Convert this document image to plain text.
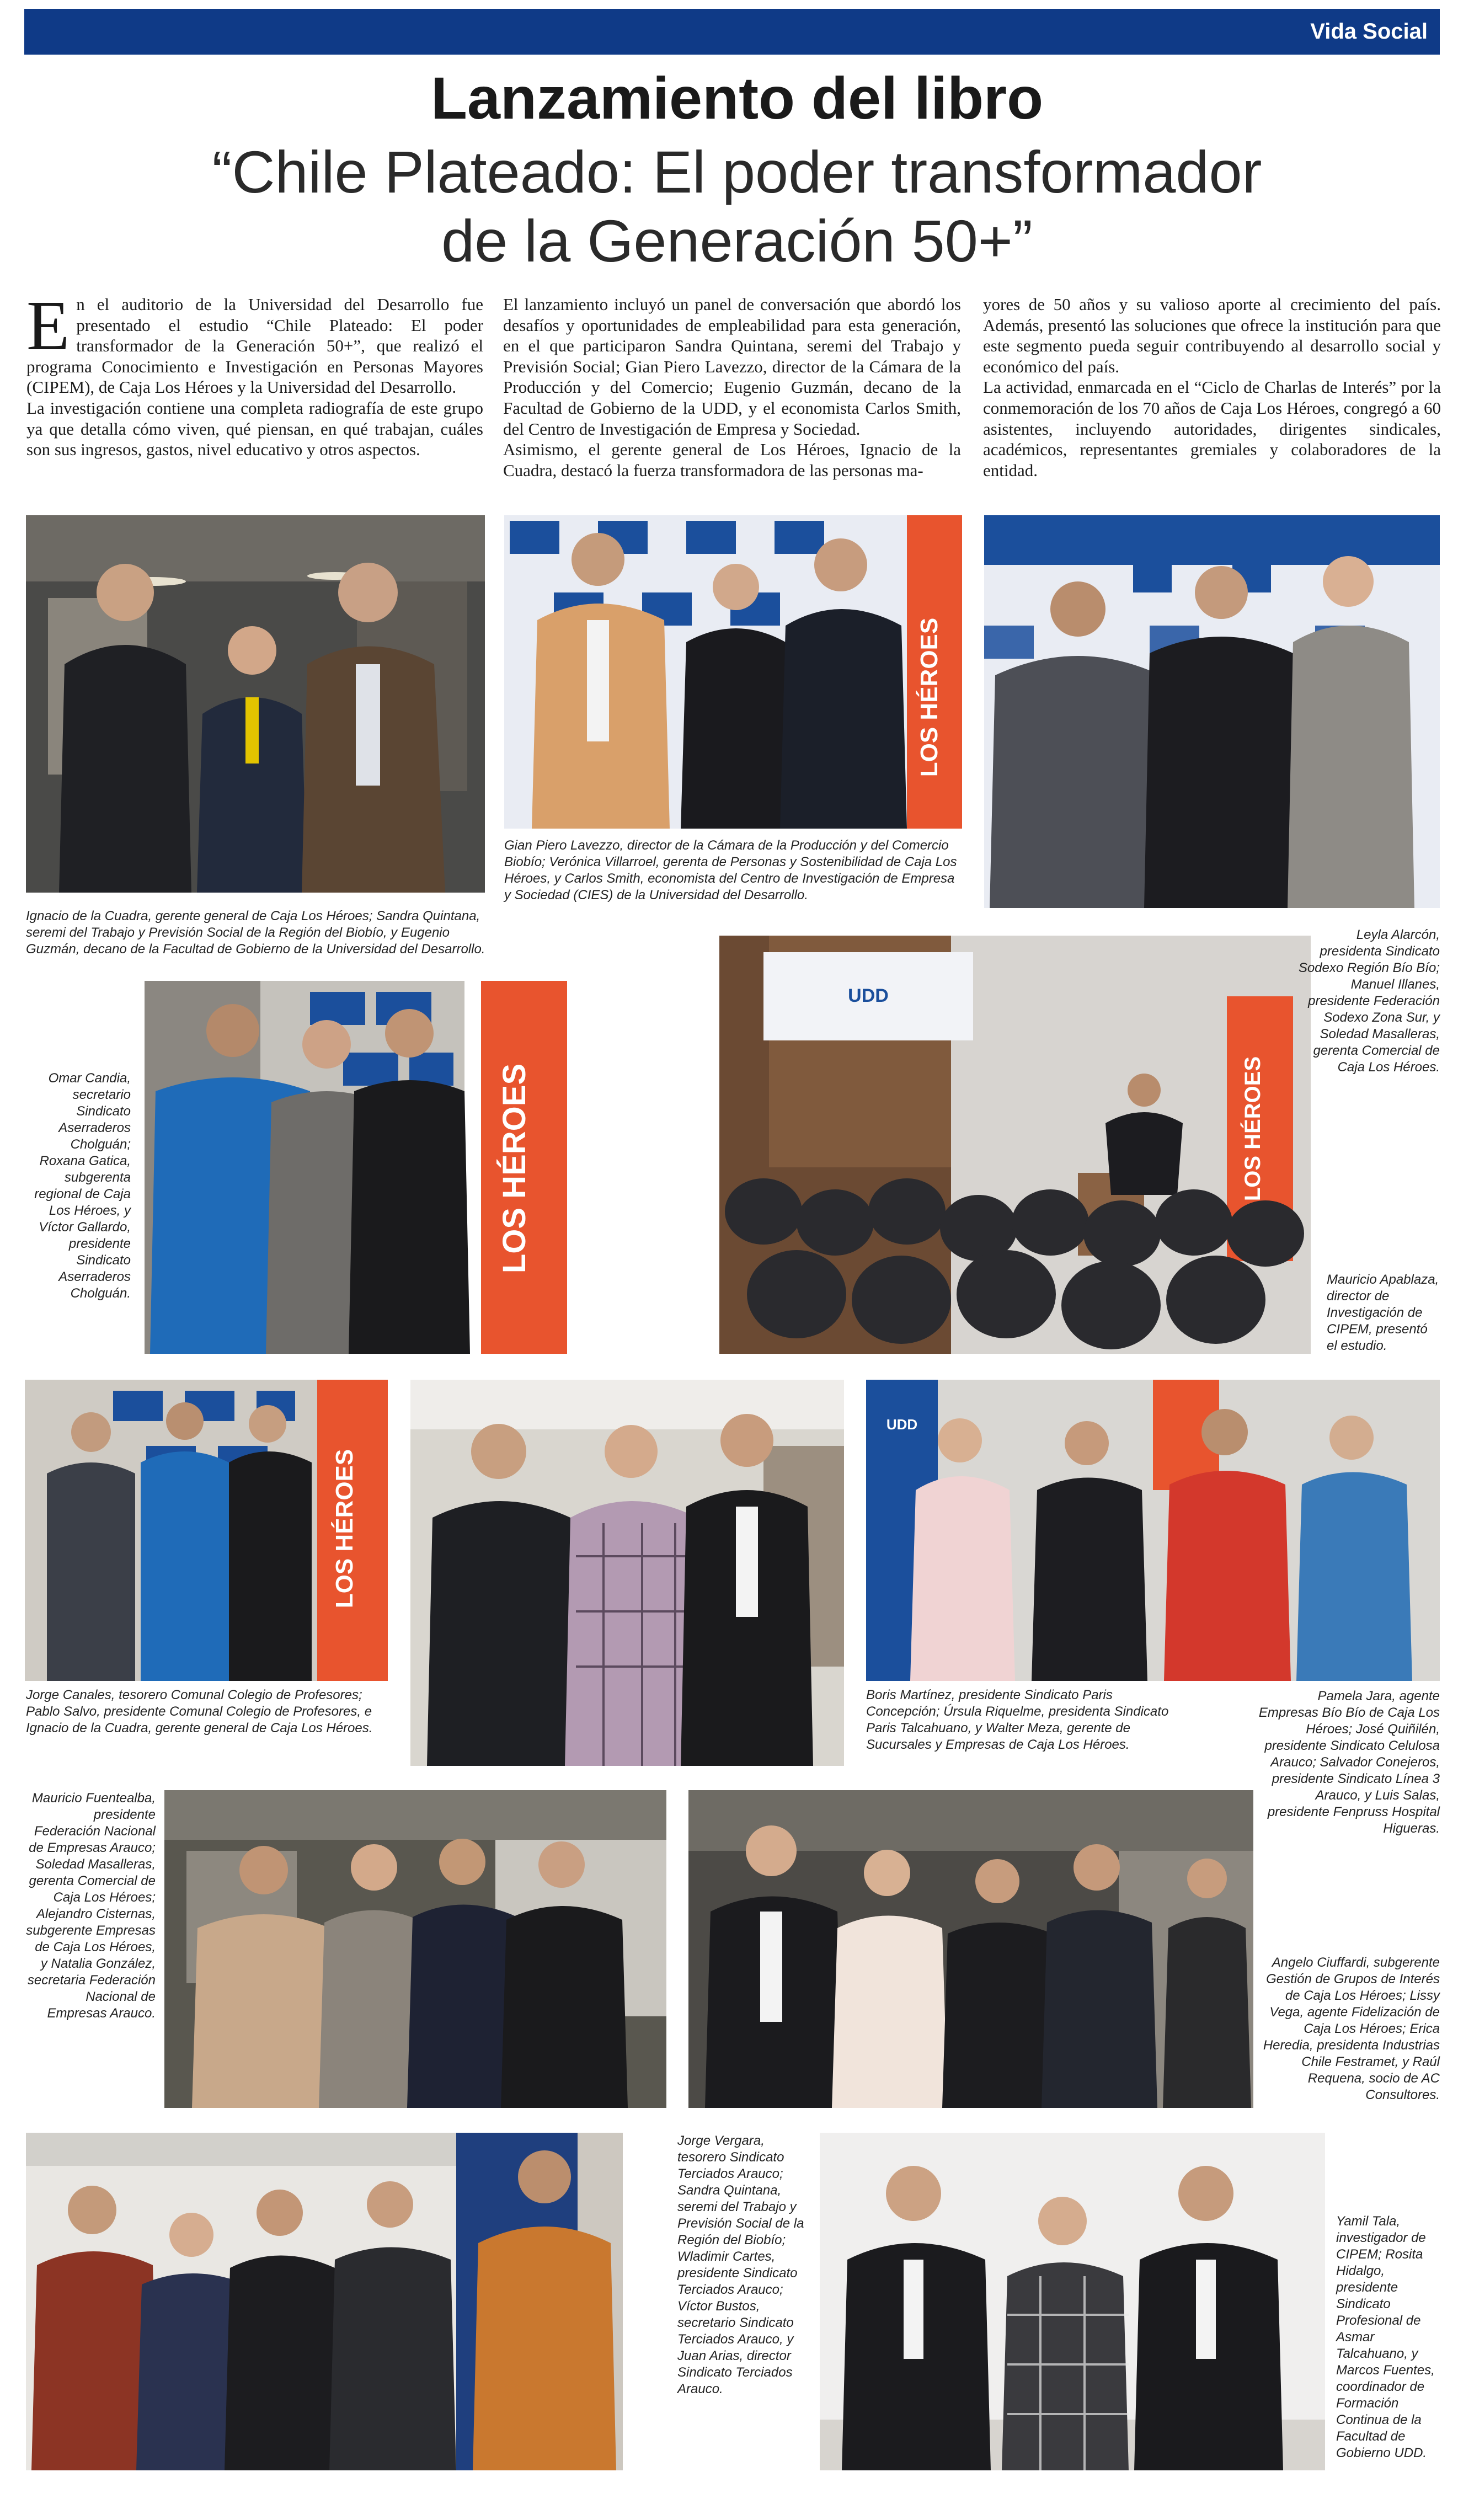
Vida Social
Lanzamiento del libro
“Chile Plateado: El poder transformador
de la Generación 50+”

En el auditorio de la Universidad del Desarrollo fue presentado el estudio “Chile Plateado: El poder transformador de la Generación 50+”, que realizó el programa Conocimiento e Investigación en Personas Mayores (CIPEM), de Caja Los Héroes y la Universidad del Desarrollo.

La investigación contiene una completa radiografía de este grupo ya que detalla cómo viven, qué piensan, en qué trabajan, cuáles son sus ingresos, gastos, nivel educativo y otros aspectos.

El lanzamiento incluyó un panel de conversación que abordó los desafíos y oportunidades de empleabilidad para esta generación, en el que participaron Sandra Quintana, seremi del Trabajo y Previsión Social; Gian Piero Lavezzo, director de la Cámara de la Producción y del Comercio; Eugenio Guzmán, decano de la Facultad de Gobierno de la UDD, y el economista Carlos Smith, del Centro de Investigación de Empresa y Sociedad.

Asimismo, el gerente general de Los Héroes, Ignacio de la Cuadra, destacó la fuerza transformadora de las personas ma-

yores de 50 años y su valioso aporte al crecimiento del país. Además, presentó las soluciones que ofrece la institución para que este segmento pueda seguir contribuyendo al desarrollo social y económico del país.

La actividad, enmarcada en el “Ciclo de Charlas de Interés” por la conmemoración de los 70 años de Caja Los Héroes, congregó a 60 asistentes, incluyendo autoridades, dirigentes sindicales, académicos, representantes gremiales y colaboradores de la entidad.

LOS HÉROES
LOS HÉROES
UDD
LOS HÉROES
LOS HÉROES
UDD

Ignacio de la Cuadra, gerente general de Caja Los Héroes; Sandra Quintana, seremi del Trabajo y Previsión Social de la Región del Biobío, y Eugenio Guzmán, decano de la Facultad de Gobierno de la Universidad del Desarrollo.

Gian Piero Lavezzo, director de la Cámara de la Producción y del Comercio Biobío; Verónica Villarroel, gerenta de Personas y Sostenibilidad de Caja Los Héroes, y Carlos Smith, economista del Centro de Investigación de Empresa y Sociedad (CIES) de la Universidad del Desarrollo.

Leyla Alarcón, presidenta Sindicato Sodexo Región Bío Bío; Manuel Illanes, presidente Federación Sodexo Zona Sur, y Soledad Masalleras, gerenta Comercial de Caja Los Héroes.

Omar Candia, secretario Sindicato Aserraderos Cholguán; Roxana Gatica, subgerenta regional de Caja Los Héroes, y Víctor Gallardo, presidente Sindicato Aserraderos Cholguán.

Mauricio Apablaza, director de Investigación de CIPEM, presentó el estudio.

Jorge Canales, tesorero Comunal Colegio de Profesores; Pablo Salvo, presidente Comunal Colegio de Profesores, e Ignacio de la Cuadra, gerente general de Caja Los Héroes.

Boris Martínez, presidente Sindicato Paris Concepción; Úrsula Riquelme, presidenta Sindicato Paris Talcahuano, y Walter Meza, gerente de Sucursales y Empresas de Caja Los Héroes.

Pamela Jara, agente Empresas Bío Bío de Caja Los Héroes; José Quiñilén, presidente Sindicato Celulosa Arauco; Salvador Conejeros, presidente Sindicato Línea 3 Arauco, y Luis Salas, presidente Fenpruss Hospital Higueras.

Mauricio Fuentealba, presidente Federación Nacional de Empresas Arauco; Soledad Masalleras, gerenta Comercial de Caja Los Héroes; Alejandro Cisternas, subgerente Empresas de Caja Los Héroes, y Natalia González, secretaria Federación Nacional de Empresas Arauco.

Angelo Ciuffardi, subgerente Gestión de Grupos de Interés de Caja Los Héroes; Lissy Vega, agente Fidelización de Caja Los Héroes; Erica Heredia, presidenta Industrias Chile Festramet, y Raúl Requena, socio de AC Consultores.

Jorge Vergara, tesorero Sindicato Terciados Arauco; Sandra Quintana, seremi del Trabajo y Previsión Social de la Región del Biobío; Wladimir Cartes, presidente Sindicato Terciados Arauco; Víctor Bustos, secretario Sindicato Terciados Arauco, y Juan Arias, director Sindicato Terciados Arauco.

Yamil Tala, investigador de CIPEM; Rosita Hidalgo, presidente Sindicato Profesional de Asmar Talcahuano, y Marcos Fuentes, coordinador de Formación Continua de la Facultad de Gobierno UDD.
